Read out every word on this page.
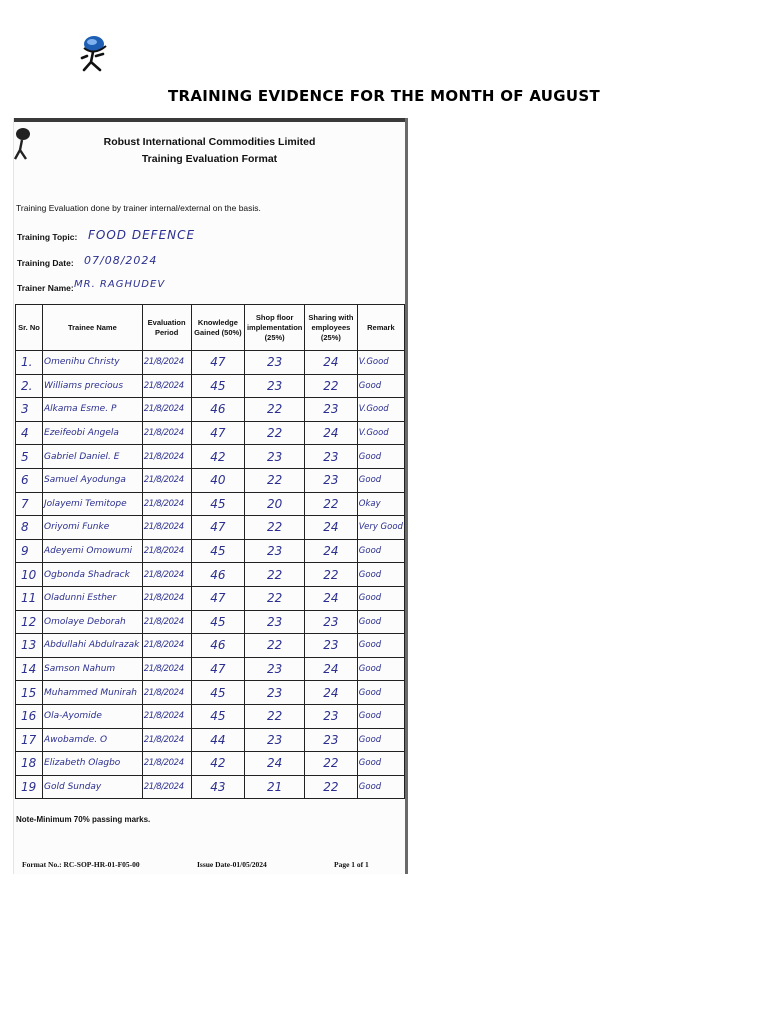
TRAINING EVIDENCE FOR THE MONTH OF AUGUST
Robust International Commodities Limited
Training Evaluation Format
Training Evaluation done by trainer internal/external on the basis.
Training Topic: FOOD DEFENCE
Training Date: 07/08/2024
Trainer Name: MR. RAGHUDEV
Sr. No	Trainee Name	Evaluation Period	Knowledge Gained (50%)	Shop floor implementation (25%)	Sharing with employees (25%)	Remark
1.	Omenihu Christy	21/8/2024	47	23	24	V.Good
2.	Williams precious	21/8/2024	45	23	22	Good
3	Alkama Esme. P	21/8/2024	46	22	23	V.Good
4	Ezeifeobi Angela	21/8/2024	47	22	24	V.Good
5	Gabriel Daniel. E	21/8/2024	42	23	23	Good
6	Samuel Ayodunga	21/8/2024	40	22	23	Good
7	Jolayemi Temitope	21/8/2024	45	20	22	Okay
8	Oriyomi Funke	21/8/2024	47	22	24	Very Good
9	Adeyemi Omowumi	21/8/2024	45	23	24	Good
10	Ogbonda Shadrack	21/8/2024	46	22	22	Good
11	Oladunni Esther	21/8/2024	47	22	24	Good
12	Omolaye Deborah	21/8/2024	45	23	23	Good
13	Abdullahi Abdulrazak	21/8/2024	46	22	23	Good
14	Samson Nahum	21/8/2024	47	23	24	Good
15	Muhammed Munirah	21/8/2024	45	23	24	Good
16	Ola-Ayomide	21/8/2024	45	22	23	Good
17	Awobamde. O	21/8/2024	44	23	23	Good
18	Elizabeth Olagbo	21/8/2024	42	24	22	Good
19	Gold Sunday	21/8/2024	43	21	22	Good
Note-Minimum 70% passing marks.
Format No.: RC-SOP-HR-01-F05-00	Issue Date-01/05/2024	Page 1 of 1
